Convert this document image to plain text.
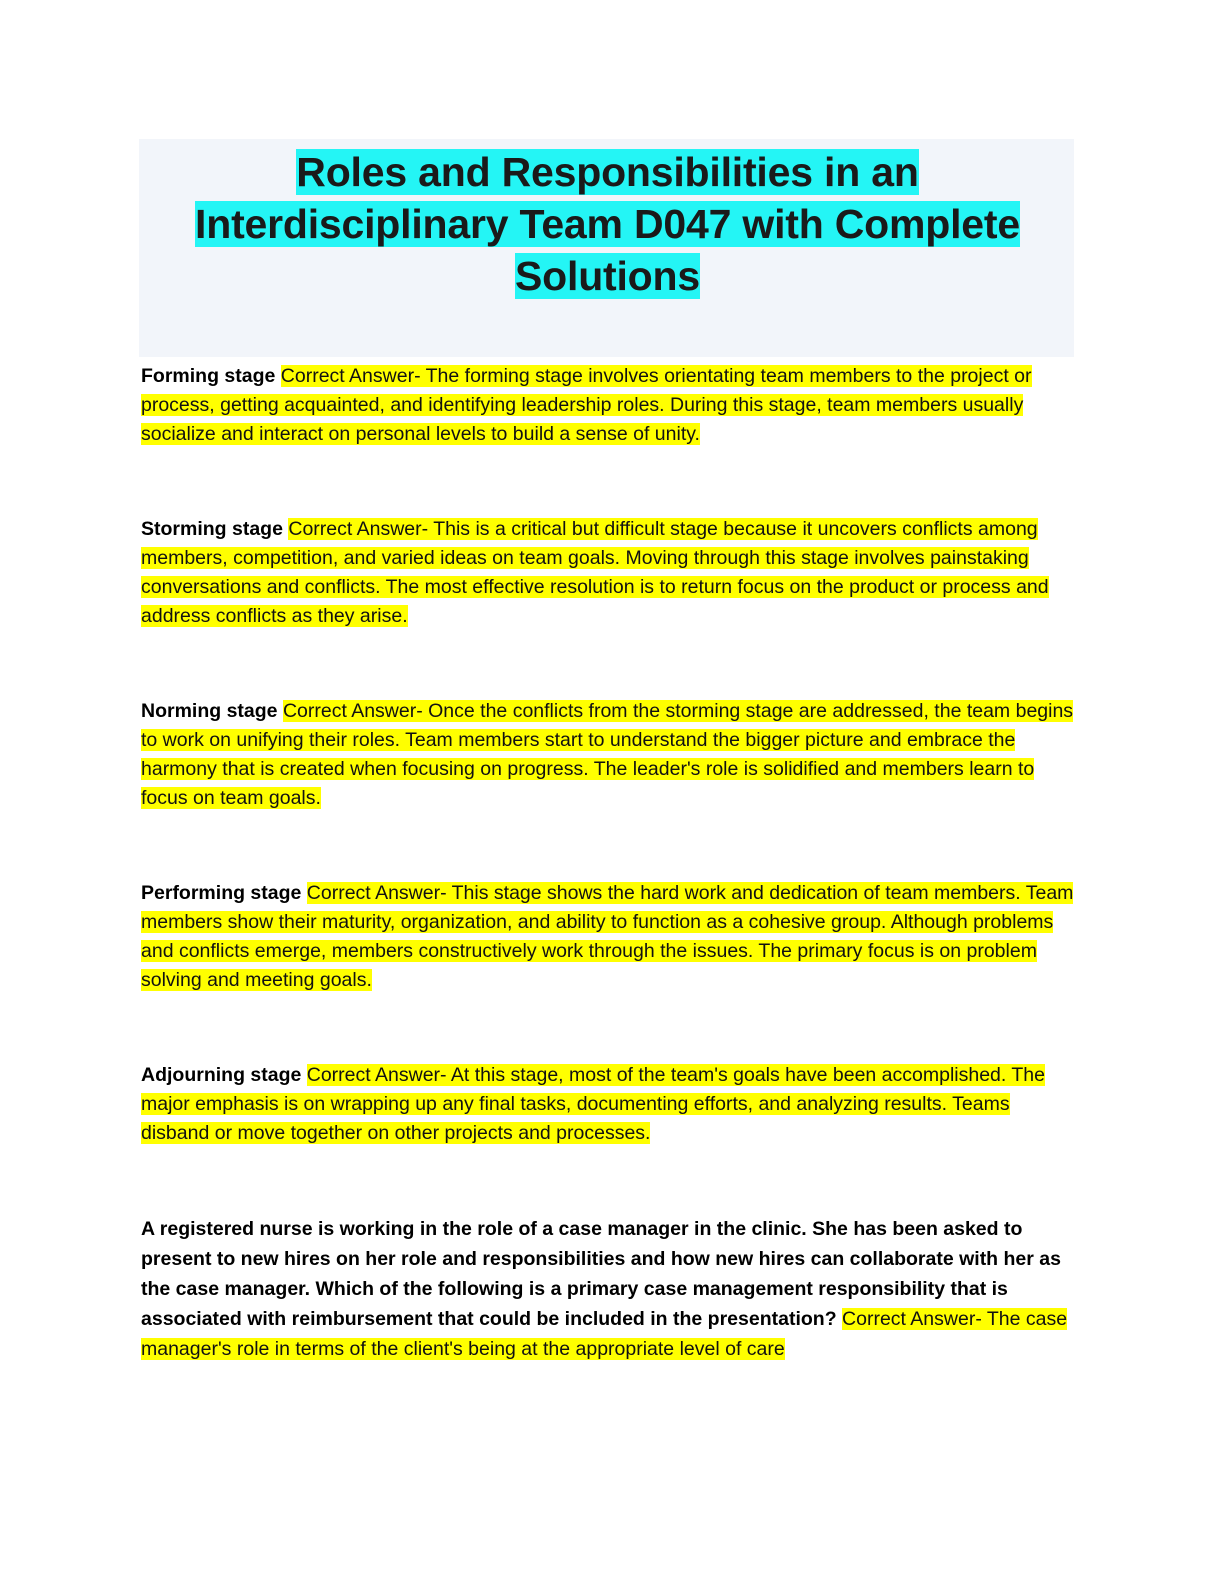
Roles and Responsibilities in an Interdisciplinary Team D047 with Complete Solutions
Forming stage Correct Answer- The forming stage involves orientating team members to the project or process, getting acquainted, and identifying leadership roles. During this stage, team members usually socialize and interact on personal levels to build a sense of unity.
Storming stage Correct Answer- This is a critical but difficult stage because it uncovers conflicts among members, competition, and varied ideas on team goals. Moving through this stage involves painstaking conversations and conflicts. The most effective resolution is to return focus on the product or process and address conflicts as they arise.
Norming stage Correct Answer- Once the conflicts from the storming stage are addressed, the team begins to work on unifying their roles. Team members start to understand the bigger picture and embrace the harmony that is created when focusing on progress. The leader's role is solidified and members learn to focus on team goals.
Performing stage Correct Answer- This stage shows the hard work and dedication of team members. Team members show their maturity, organization, and ability to function as a cohesive group. Although problems and conflicts emerge, members constructively work through the issues. The primary focus is on problem solving and meeting goals.
Adjourning stage Correct Answer- At this stage, most of the team's goals have been accomplished. The major emphasis is on wrapping up any final tasks, documenting efforts, and analyzing results. Teams disband or move together on other projects and processes.
A registered nurse is working in the role of a case manager in the clinic. She has been asked to present to new hires on her role and responsibilities and how new hires can collaborate with her as the case manager. Which of the following is a primary case management responsibility that is associated with reimbursement that could be included in the presentation? Correct Answer- The case manager's role in terms of the client's being at the appropriate level of care
